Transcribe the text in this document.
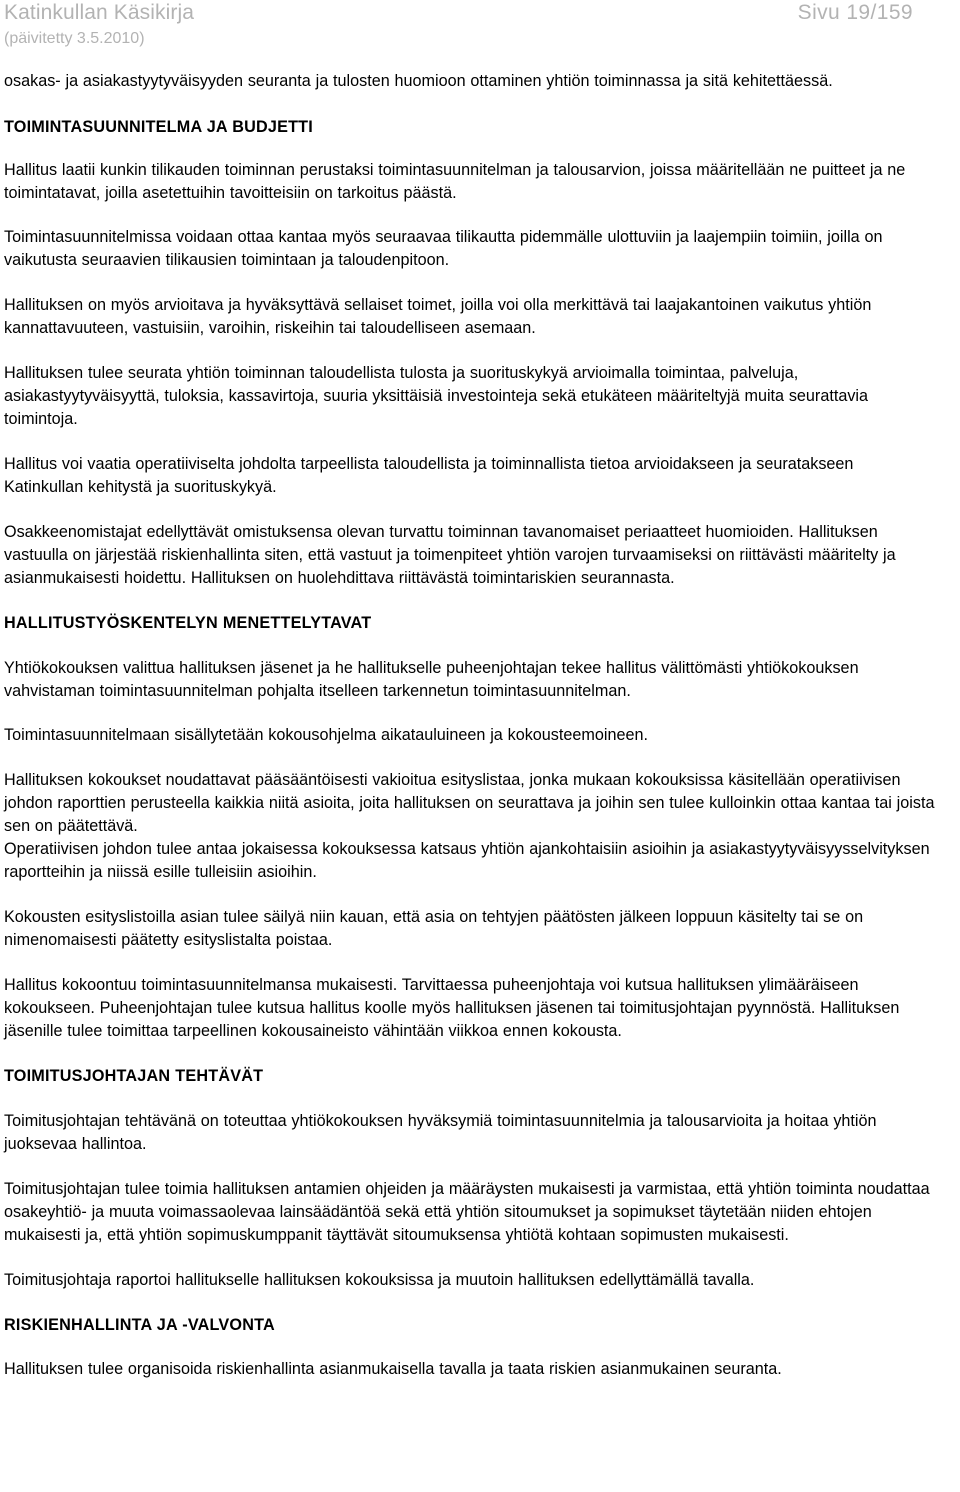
Katinkullan Käsikirja
(päivitetty 3.5.2010)
Sivu 19/159

osakas- ja asiakastyytyväisyyden seuranta ja tulosten huomioon ottaminen yhtiön toiminnassa ja sitä kehitettäessä.

TOIMINTASUUNNITELMA JA BUDJETTI

Hallitus laatii kunkin tilikauden toiminnan perustaksi toimintasuunnitelman ja talousarvion, joissa määritellään ne puitteet ja ne toimintatavat, joilla asetettuihin tavoitteisiin on tarkoitus päästä.

Toimintasuunnitelmissa voidaan ottaa kantaa myös seuraavaa tilikautta pidemmälle ulottuviin ja laajempiin toimiin, joilla on vaikutusta seuraavien tilikausien toimintaan ja taloudenpitoon.

Hallituksen on myös arvioitava ja hyväksyttävä sellaiset toimet, joilla voi olla merkittävä tai laajakantoinen vaikutus yhtiön kannattavuuteen, vastuisiin, varoihin, riskeihin tai taloudelliseen asemaan.

Hallituksen tulee seurata yhtiön toiminnan taloudellista tulosta ja suorituskykyä arvioimalla toimintaa, palveluja, asiakastyytyväisyyttä, tuloksia, kassavirtoja, suuria yksittäisiä investointeja sekä etukäteen määriteltyjä muita seurattavia toimintoja.

Hallitus voi vaatia operatiiviselta johdolta tarpeellista taloudellista ja toiminnallista tietoa arvioidakseen ja seuratakseen Katinkullan kehitystä ja suorituskykyä.

Osakkeenomistajat edellyttävät omistuksensa olevan turvattu toiminnan tavanomaiset periaatteet huomioiden. Hallituksen vastuulla on järjestää riskienhallinta siten, että vastuut ja toimenpiteet yhtiön varojen turvaamiseksi on riittävästi määritelty ja asianmukaisesti hoidettu. Hallituksen on huolehdittava riittävästä toimintariskien seurannasta.

HALLITUSTYÖSKENTELYN MENETTELYTAVAT

Yhtiökokouksen valittua hallituksen jäsenet ja he hallitukselle puheenjohtajan tekee hallitus välittömästi yhtiökokouksen vahvistaman toimintasuunnitelman pohjalta itselleen tarkennetun toimintasuunnitelman.

Toimintasuunnitelmaan sisällytetään kokousohjelma aikatauluineen ja kokousteemoineen.

Hallituksen kokoukset noudattavat pääsääntöisesti vakioitua esityslistaa, jonka mukaan kokouksissa käsitellään operatiivisen johdon raporttien perusteella kaikkia niitä asioita, joita hallituksen on seurattava ja joihin sen tulee kulloinkin ottaa kantaa tai joista sen on päätettävä.

Operatiivisen johdon tulee antaa jokaisessa kokouksessa katsaus yhtiön ajankohtaisiin asioihin ja asiakastyytyväisyysselvityksen raportteihin ja niissä esille tulleisiin asioihin.

Kokousten esityslistoilla asian tulee säilyä niin kauan, että asia on tehtyjen päätösten jälkeen loppuun käsitelty tai se on nimenomaisesti päätetty esityslistalta poistaa.

Hallitus kokoontuu toimintasuunnitelmansa mukaisesti. Tarvittaessa puheenjohtaja voi kutsua hallituksen ylimääräiseen kokoukseen. Puheenjohtajan tulee kutsua hallitus koolle myös hallituksen jäsenen tai toimitusjohtajan pyynnöstä. Hallituksen jäsenille tulee toimittaa tarpeellinen kokousaineisto vähintään viikkoa ennen kokousta.

TOIMITUSJOHTAJAN TEHTÄVÄT

Toimitusjohtajan tehtävänä on toteuttaa yhtiökokouksen hyväksymiä toimintasuunnitelmia ja talousarvioita ja hoitaa yhtiön juoksevaa hallintoa.

Toimitusjohtajan tulee toimia hallituksen antamien ohjeiden ja määräysten mukaisesti ja varmistaa, että yhtiön toiminta noudattaa osakeyhtiö- ja muuta voimassaolevaa lainsäädäntöä sekä että yhtiön sitoumukset ja sopimukset täytetään niiden ehtojen mukaisesti ja, että yhtiön sopimuskumppanit täyttävät sitoumuksensa yhtiötä kohtaan sopimusten mukaisesti.

Toimitusjohtaja raportoi hallitukselle hallituksen kokouksissa ja muutoin hallituksen edellyttämällä tavalla.

RISKIENHALLINTA JA -VALVONTA

Hallituksen tulee organisoida riskienhallinta asianmukaisella tavalla ja taata riskien asianmukainen seuranta.
